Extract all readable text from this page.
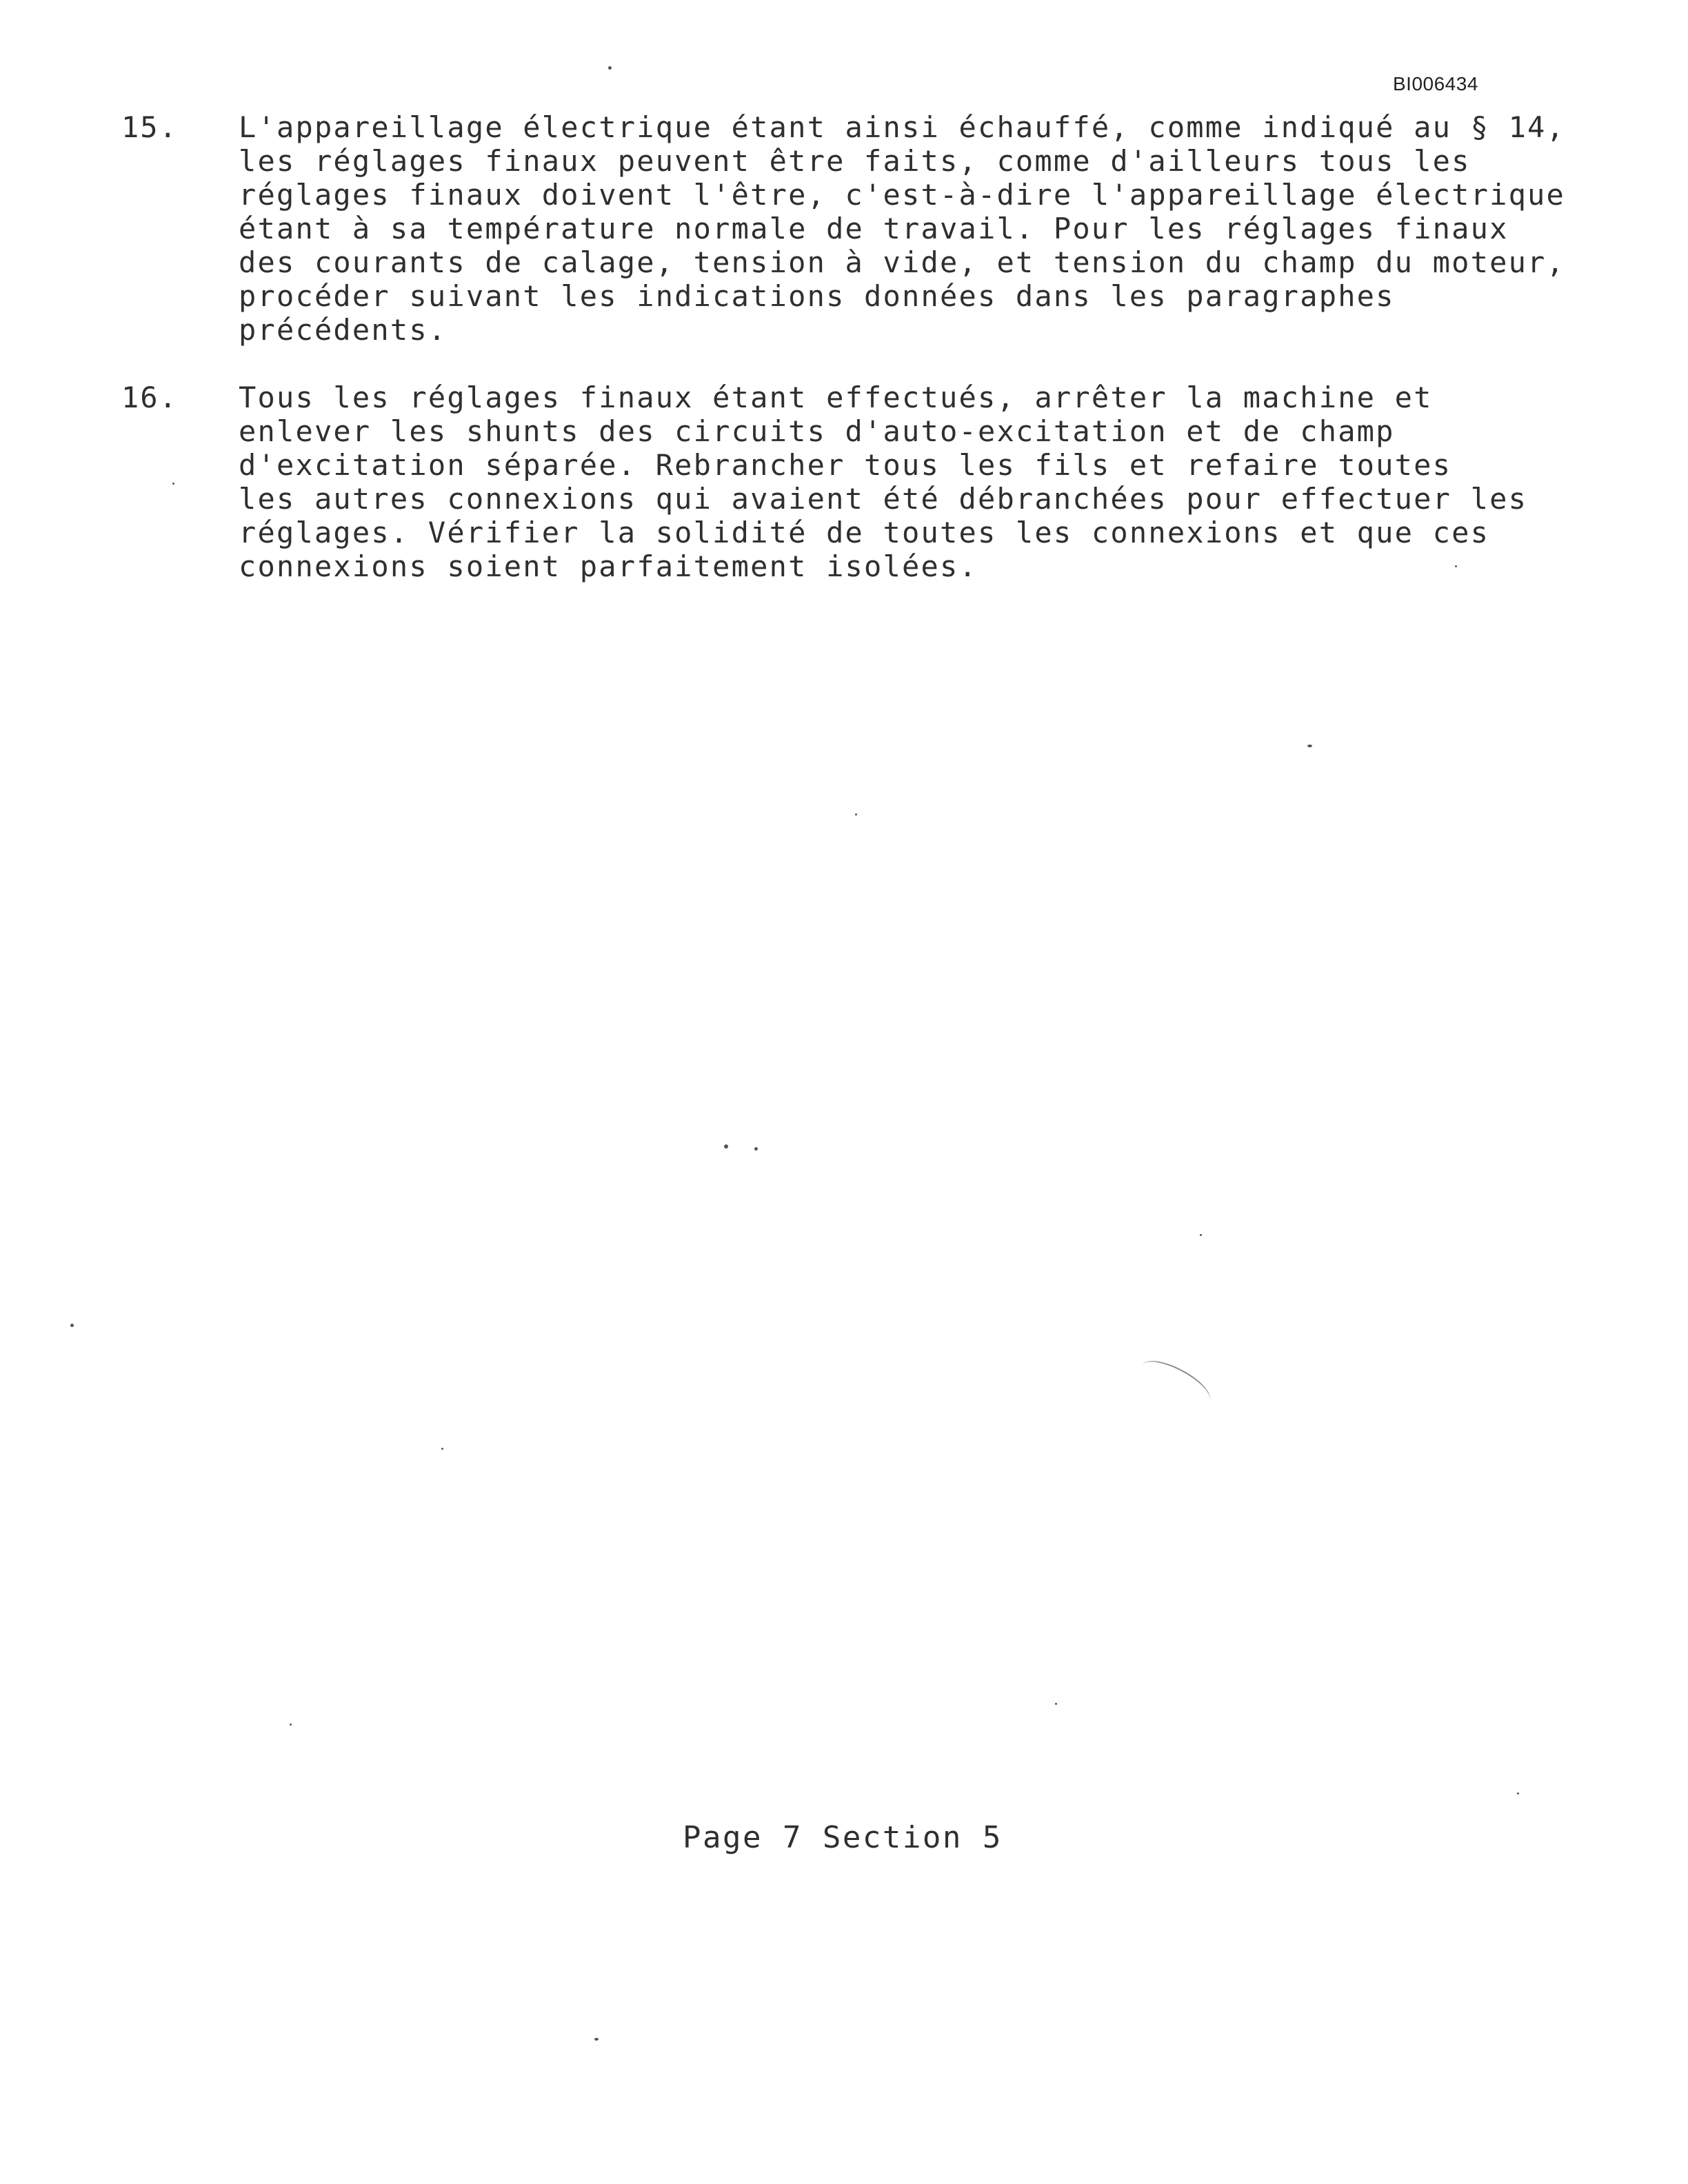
BI006434
15. L'appareillage électrique étant ainsi échauffé, comme indiqué au § 14,
les réglages finaux peuvent être faits, comme d'ailleurs tous les
réglages finaux doivent l'être, c'est-à-dire l'appareillage électrique
étant à sa température normale de travail. Pour les réglages finaux
des courants de calage, tension à vide, et tension du champ du moteur,
procéder suivant les indications données dans les paragraphes
précédents.
16. Tous les réglages finaux étant effectués, arrêter la machine et
enlever les shunts des circuits d'auto-excitation et de champ
d'excitation séparée. Rebrancher tous les fils et refaire toutes
les autres connexions qui avaient été débranchées pour effectuer les
réglages. Vérifier la solidité de toutes les connexions et que ces
connexions soient parfaitement isolées.
Page 7 Section 5
